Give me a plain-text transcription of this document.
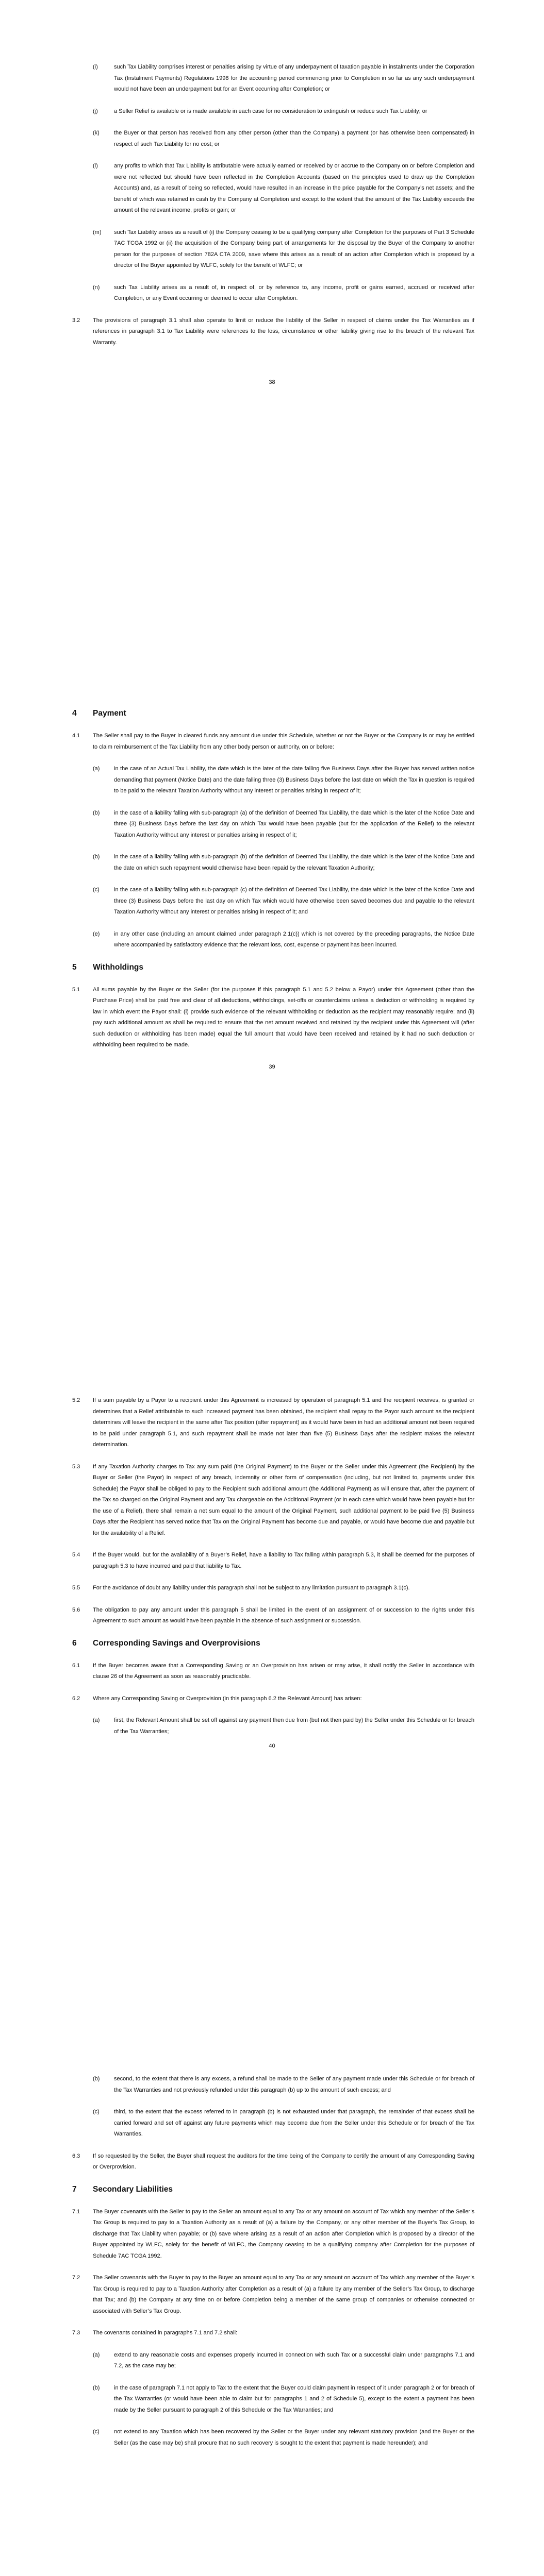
(i)	such Tax Liability comprises interest or penalties arising by virtue of any underpayment of taxation payable in instalments under the Corporation Tax (Instalment Payments) Regulations 1998 for the accounting period commencing prior to Completion in so far as any such underpayment would not have been an underpayment but for an Event occurring after Completion; or
(j)	a Seller Relief is available or is made available in each case for no consideration to extinguish or reduce such Tax Liability; or
(k)	the Buyer or that person has received from any other person (other than the Company) a payment (or has otherwise been compensated) in respect of such Tax Liability for no cost; or
(l)	any profits to which that Tax Liability is attributable were actually earned or received by or accrue to the Company on or before Completion and were not reflected but should have been reflected in the Completion Accounts (based on the principles used to draw up the Completion Accounts) and, as a result of being so reflected, would have resulted in an increase in the price payable for the Company’s net assets; and the benefit of which was retained in cash by the Company at Completion and except to the extent that the amount of the Tax Liability exceeds the amount of the relevant income, profits or gain; or
(m) such Tax Liability arises as a result of (i) the Company ceasing to be a qualifying company after Completion for the purposes of Part 3 Schedule 7AC TCGA 1992 or (ii) the acquisition of the Company being part of arrangements for the disposal by the Buyer of the Company to another person for the purposes of section 782A CTA 2009, save where this arises as a result of an action after Completion which is proposed by a director of the Buyer appointed by WLFC, solely for the benefit of WLFC; or
(n)	such Tax Liability arises as a result of, in respect of, or by reference to, any income, profit or gains earned, accrued or received after Completion, or any Event occurring or deemed to occur after Completion.
3.2 The provisions of paragraph 3.1 shall also operate to limit or reduce the liability of the Seller in respect of claims under the Tax Warranties as if references in paragraph 3.1 to Tax Liability were references to the loss, circumstance or other liability giving rise to the breach of the relevant Tax Warranty.
38
4 Payment
4.1 The Seller shall pay to the Buyer in cleared funds any amount due under this Schedule, whether or not the Buyer or the Company is or may be entitled to claim reimbursement of the Tax Liability from any other body person or authority, on or before:
(a)	in the case of an Actual Tax Liability, the date which is the later of the date falling five Business Days after the Buyer has served written notice demanding that payment (Notice Date) and the date falling three (3) Business Days before the last date on which the Tax in question is required to be paid to the relevant Taxation Authority without any interest or penalties arising in respect of it;
(b)	in the case of a liability falling with sub-paragraph (a) of the definition of Deemed Tax Liability, the date which is the later of the Notice Date and three (3) Business Days before the last day on which Tax would have been payable (but for the application of the Relief) to the relevant Taxation Authority without any interest or penalties arising in respect of it;
(b)	in the case of a liability falling with sub-paragraph (b) of the definition of Deemed Tax Liability, the date which is the later of the Notice Date and the date on which such repayment would otherwise have been repaid by the relevant Taxation Authority;
(c)	in the case of a liability falling with sub-paragraph (c) of the definition of Deemed Tax Liability, the date which is the later of the Notice Date and three (3) Business Days before the last day on which Tax which would have otherwise been saved becomes due and payable to the relevant Taxation Authority without any interest or penalties arising in respect of it; and
(e)	in any other case (including an amount claimed under paragraph 2.1(c)) which is not covered by the preceding paragraphs, the Notice Date where accompanied by satisfactory evidence that the relevant loss, cost, expense or payment has been incurred.
5 Withholdings
5.1 All sums payable by the Buyer or the Seller (for the purposes if this paragraph 5.1 and 5.2 below a Payor) under this Agreement (other than the Purchase Price) shall be paid free and clear of all deductions, withholdings, set-offs or counterclaims unless a deduction or withholding is required by law in which event the Payor shall: (i) provide such evidence of the relevant withholding or deduction as the recipient may reasonably require; and (ii) pay such additional amount as shall be required to ensure that the net amount received and retained by the recipient under this Agreement will (after such deduction or withholding has been made) equal the full amount that would have been received and retained by it had no such deduction or withholding been required to be made.
39
5.2 If a sum payable by a Payor to a recipient under this Agreement is increased by operation of paragraph 5.1 and the recipient receives, is granted or determines that a Relief attributable to such increased payment has been obtained, the recipient shall repay to the Payor such amount as the recipient determines will leave the recipient in the same after Tax position (after repayment) as it would have been in had an additional amount not been required to be paid under paragraph 5.1, and such repayment shall be made not later than five (5) Business Days after the recipient makes the relevant determination.
5.3 If any Taxation Authority charges to Tax any sum paid (the Original Payment) to the Buyer or the Seller under this Agreement (the Recipient) by the Buyer or Seller (the Payor) in respect of any breach, indemnity or other form of compensation (including, but not limited to, payments under this Schedule) the Payor shall be obliged to pay to the Recipient such additional amount (the Additional Payment) as will ensure that, after the payment of the Tax so charged on the Original Payment and any Tax chargeable on the Additional Payment (or in each case which would have been payable but for the use of a Relief), there shall remain a net sum equal to the amount of the Original Payment, such additional payment to be paid five (5) Business Days after the Recipient has served notice that Tax on the Original Payment has become due and payable, or would have become due and payable but for the availability of a Relief.
5.4 If the Buyer would, but for the availability of a Buyer’s Relief, have a liability to Tax falling within paragraph 5.3, it shall be deemed for the purposes of paragraph 5.3 to have incurred and paid that liability to Tax.
5.5 For the avoidance of doubt any liability under this paragraph shall not be subject to any limitation pursuant to paragraph 3.1(c).
5.6 The obligation to pay any amount under this paragraph 5 shall be limited in the event of an assignment of or succession to the rights under this Agreement to such amount as would have been payable in the absence of such assignment or succession.
6 Corresponding Savings and Overprovisions
6.1 If the Buyer becomes aware that a Corresponding Saving or an Overprovision has arisen or may arise, it shall notify the Seller in accordance with clause 26 of the Agreement as soon as reasonably practicable.
6.2 Where any Corresponding Saving or Overprovision (in this paragraph 6.2 the Relevant Amount) has arisen:
(a)	first, the Relevant Amount shall be set off against any payment then due from (but not then paid by) the Seller under this Schedule or for breach of the Tax Warranties;
40
(b)	second, to the extent that there is any excess, a refund shall be made to the Seller of any payment made under this Schedule or for breach of the Tax Warranties and not previously refunded under this paragraph (b) up to the amount of such excess; and
(c)	third, to the extent that the excess referred to in paragraph (b) is not exhausted under that paragraph, the remainder of that excess shall be carried forward and set off against any future payments which may become due from the Seller under this Schedule or for breach of the Tax Warranties.
6.3 If so requested by the Seller, the Buyer shall request the auditors for the time being of the Company to certify the amount of any Corresponding Saving or Overprovision.
7 Secondary Liabilities
7.1 The Buyer covenants with the Seller to pay to the Seller an amount equal to any Tax or any amount on account of Tax which any member of the Seller’s Tax Group is required to pay to a Taxation Authority as a result of (a) a failure by the Company, or any other member of the Buyer’s Tax Group, to discharge that Tax Liability when payable; or (b) save where arising as a result of an action after Completion which is proposed by a director of the Buyer appointed by WLFC, solely for the benefit of WLFC, the Company ceasing to be a qualifying company after Completion for the purposes of Schedule 7AC TCGA 1992.
7.2 The Seller covenants with the Buyer to pay to the Buyer an amount equal to any Tax or any amount on account of Tax which any member of the Buyer’s Tax Group is required to pay to a Taxation Authority after Completion as a result of (a) a failure by any member of the Seller’s Tax Group, to discharge that Tax; and (b) the Company at any time on or before Completion being a member of the same group of companies or otherwise connected or associated with Seller’s Tax Group.
7.3 The covenants contained in paragraphs 7.1 and 7.2 shall:
(a)	extend to any reasonable costs and expenses properly incurred in connection with such Tax or a successful claim under paragraphs 7.1 and 7.2, as the case may be;
(b)	in the case of paragraph 7.1 not apply to Tax to the extent that the Buyer could claim payment in respect of it under paragraph 2 or for breach of the Tax Warranties (or would have been able to claim but for paragraphs 1 and 2 of Schedule 5), except to the extent a payment has been made by the Seller pursuant to paragraph 2 of this Schedule or the Tax Warranties; and
(c)	not extend to any Taxation which has been recovered by the Seller or the Buyer under any relevant statutory provision (and the Buyer or the Seller (as the case may be) shall procure that no such recovery is sought to the extent that payment is made hereunder); and
